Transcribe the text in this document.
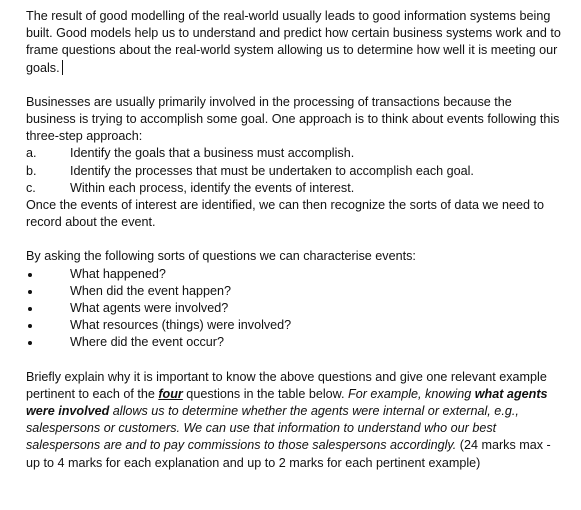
The result of good modelling of the real-world usually leads to good information systems being built. Good models help us to understand and predict how certain business systems work and to frame questions about the real-world system allowing us to determine how well it is meeting our goals.

Businesses are usually primarily involved in the processing of transactions because the business is trying to accomplish some goal. One approach is to think about events following this three-step approach:

a.	Identify the goals that a business must accomplish.
b.	Identify the processes that must be undertaken to accomplish each goal.
c.	Within each process, identify the events of interest.

Once the events of interest are identified, we can then recognize the sorts of data we need to record about the event.

By asking the following sorts of questions we can characterise events:

What happened?
When did the event happen?
What agents were involved?
What resources (things) were involved?
Where did the event occur?

Briefly explain why it is important to know the above questions and give one relevant example pertinent to each of the four questions in the table below. For example, knowing what agents were involved allows us to determine whether the agents were internal or external, e.g., salespersons or customers. We can use that information to understand who our best salespersons are and to pay commissions to those salespersons accordingly. (24 marks max - up to 4 marks for each explanation and up to 2 marks for each pertinent example)
